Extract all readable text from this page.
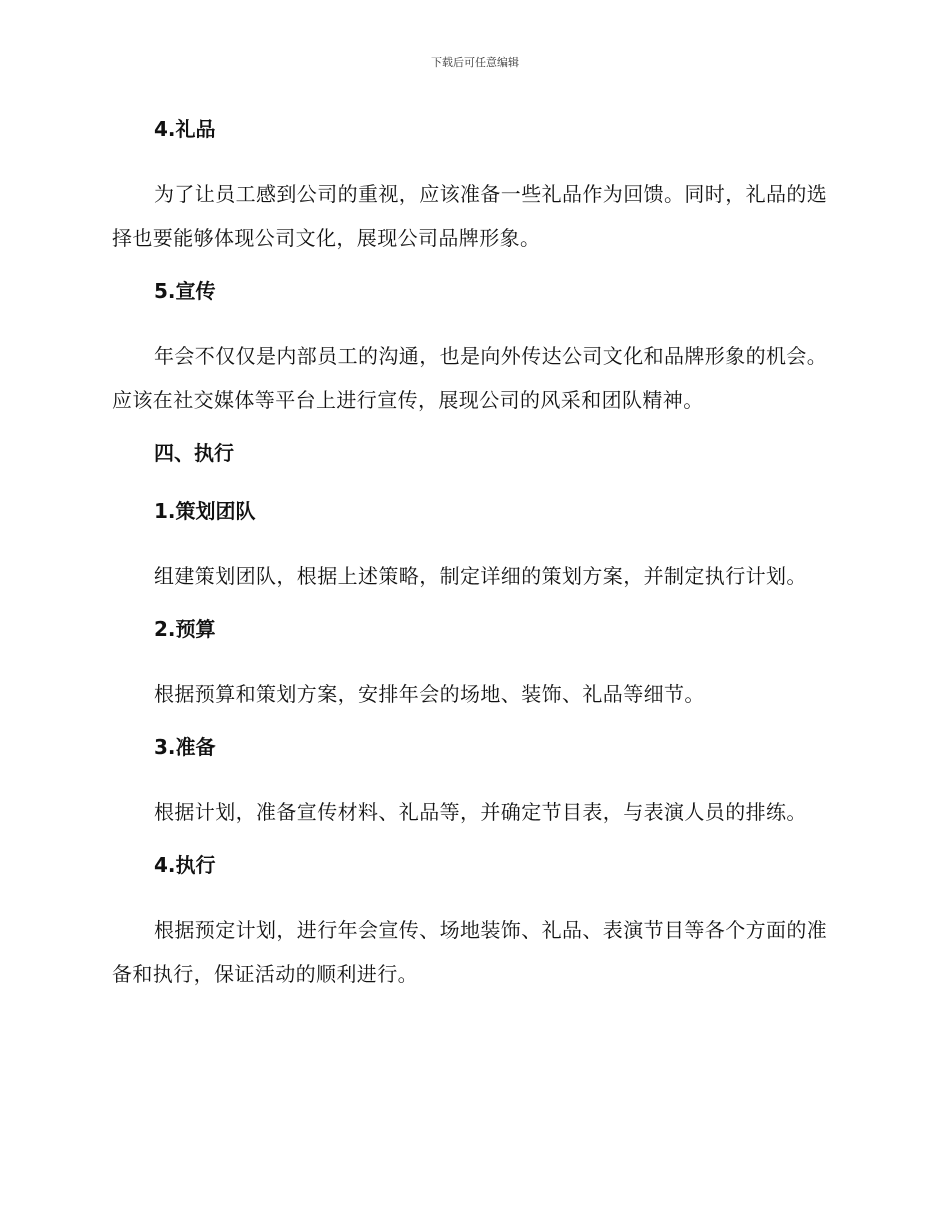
下载后可任意编辑
4.礼品

为了让员工感到公司的重视，应该准备一些礼品作为回馈。同时，礼品的选择也要能够体现公司文化，展现公司品牌形象。

5.宣传

年会不仅仅是内部员工的沟通，也是向外传达公司文化和品牌形象的机会。应该在社交媒体等平台上进行宣传，展现公司的风采和团队精神。

四、执行
1.策划团队

组建策划团队，根据上述策略，制定详细的策划方案，并制定执行计划。

2.预算

根据预算和策划方案，安排年会的场地、装饰、礼品等细节。

3.准备

根据计划，准备宣传材料、礼品等，并确定节目表，与表演人员的排练。

4.执行

根据预定计划，进行年会宣传、场地装饰、礼品、表演节目等各个方面的准备和执行，保证活动的顺利进行。
